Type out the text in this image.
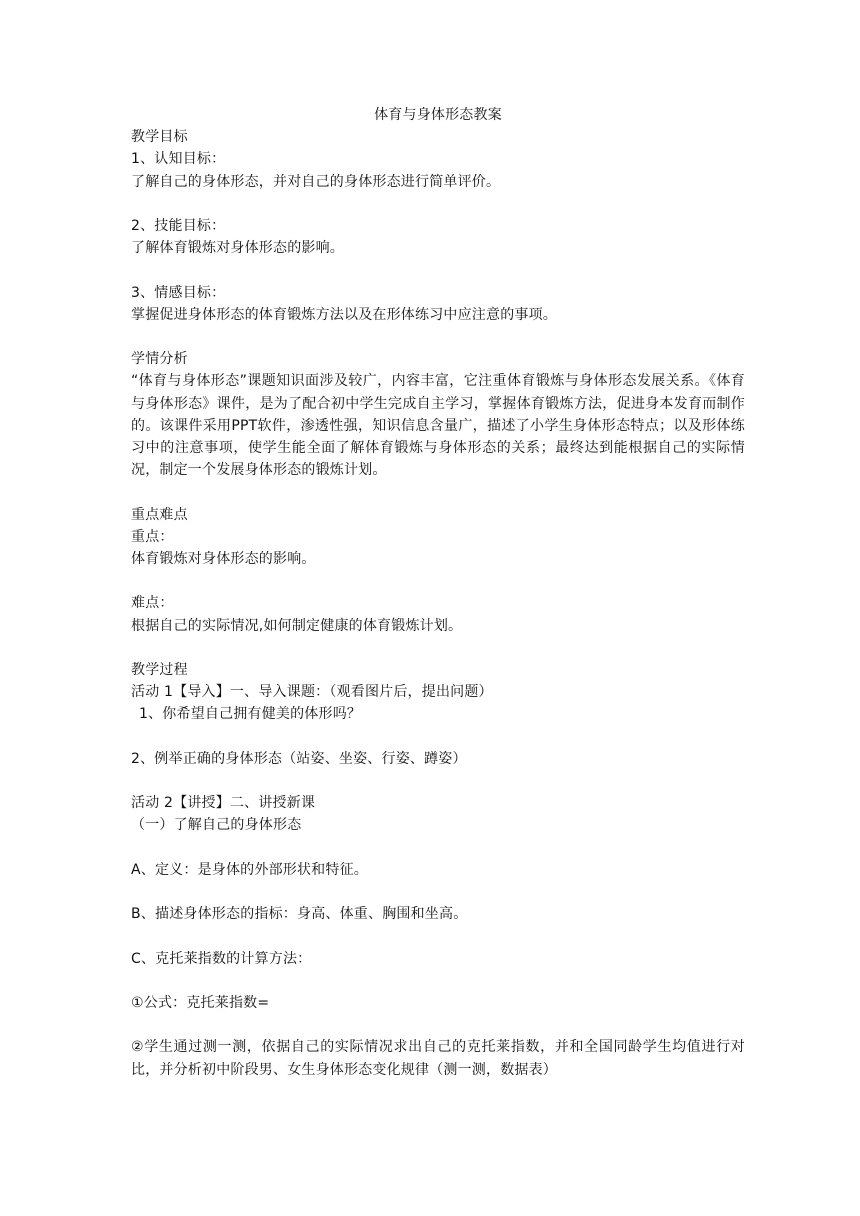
体育与身体形态教案

教学目标

1、认知目标：

了解自己的身体形态，并对自己的身体形态进行简单评价。

2、技能目标：

了解体育锻炼对身体形态的影响。

3、情感目标：

掌握促进身体形态的体育锻炼方法以及在形体练习中应注意的事项。

学情分析

“体育与身体形态”课题知识面涉及较广，内容丰富，它注重体育锻炼与身体形态发展关系。《体育与身体形态》课件，是为了配合初中学生完成自主学习，掌握体育锻炼方法，促进身本发育而制作的。该课件采用PPT软件，渗透性强，知识信息含量广，描述了小学生身体形态特点；以及形体练习中的注意事项，使学生能全面了解体育锻炼与身体形态的关系；最终达到能根据自己的实际情况，制定一个发展身体形态的锻炼计划。

重点难点

重点：

体育锻炼对身体形态的影响。

难点：

根据自己的实际情况,如何制定健康的体育锻炼计划。

教学过程

活动 1【导入】一、导入课题：（观看图片后，提出问题）

1、你希望自己拥有健美的体形吗？

2、例举正确的身体形态（站姿、坐姿、行姿、蹲姿）

活动 2【讲授】二、讲授新课

（一）了解自己的身体形态

A、定义：是身体的外部形状和特征。

B、描述身体形态的指标：身高、体重、胸围和坐高。

C、克托莱指数的计算方法：

①公式：克托莱指数=

②学生通过测一测，依据自己的实际情况求出自己的克托莱指数，并和全国同龄学生均值进行对比，并分析初中阶段男、女生身体形态变化规律（测一测，数据表）
